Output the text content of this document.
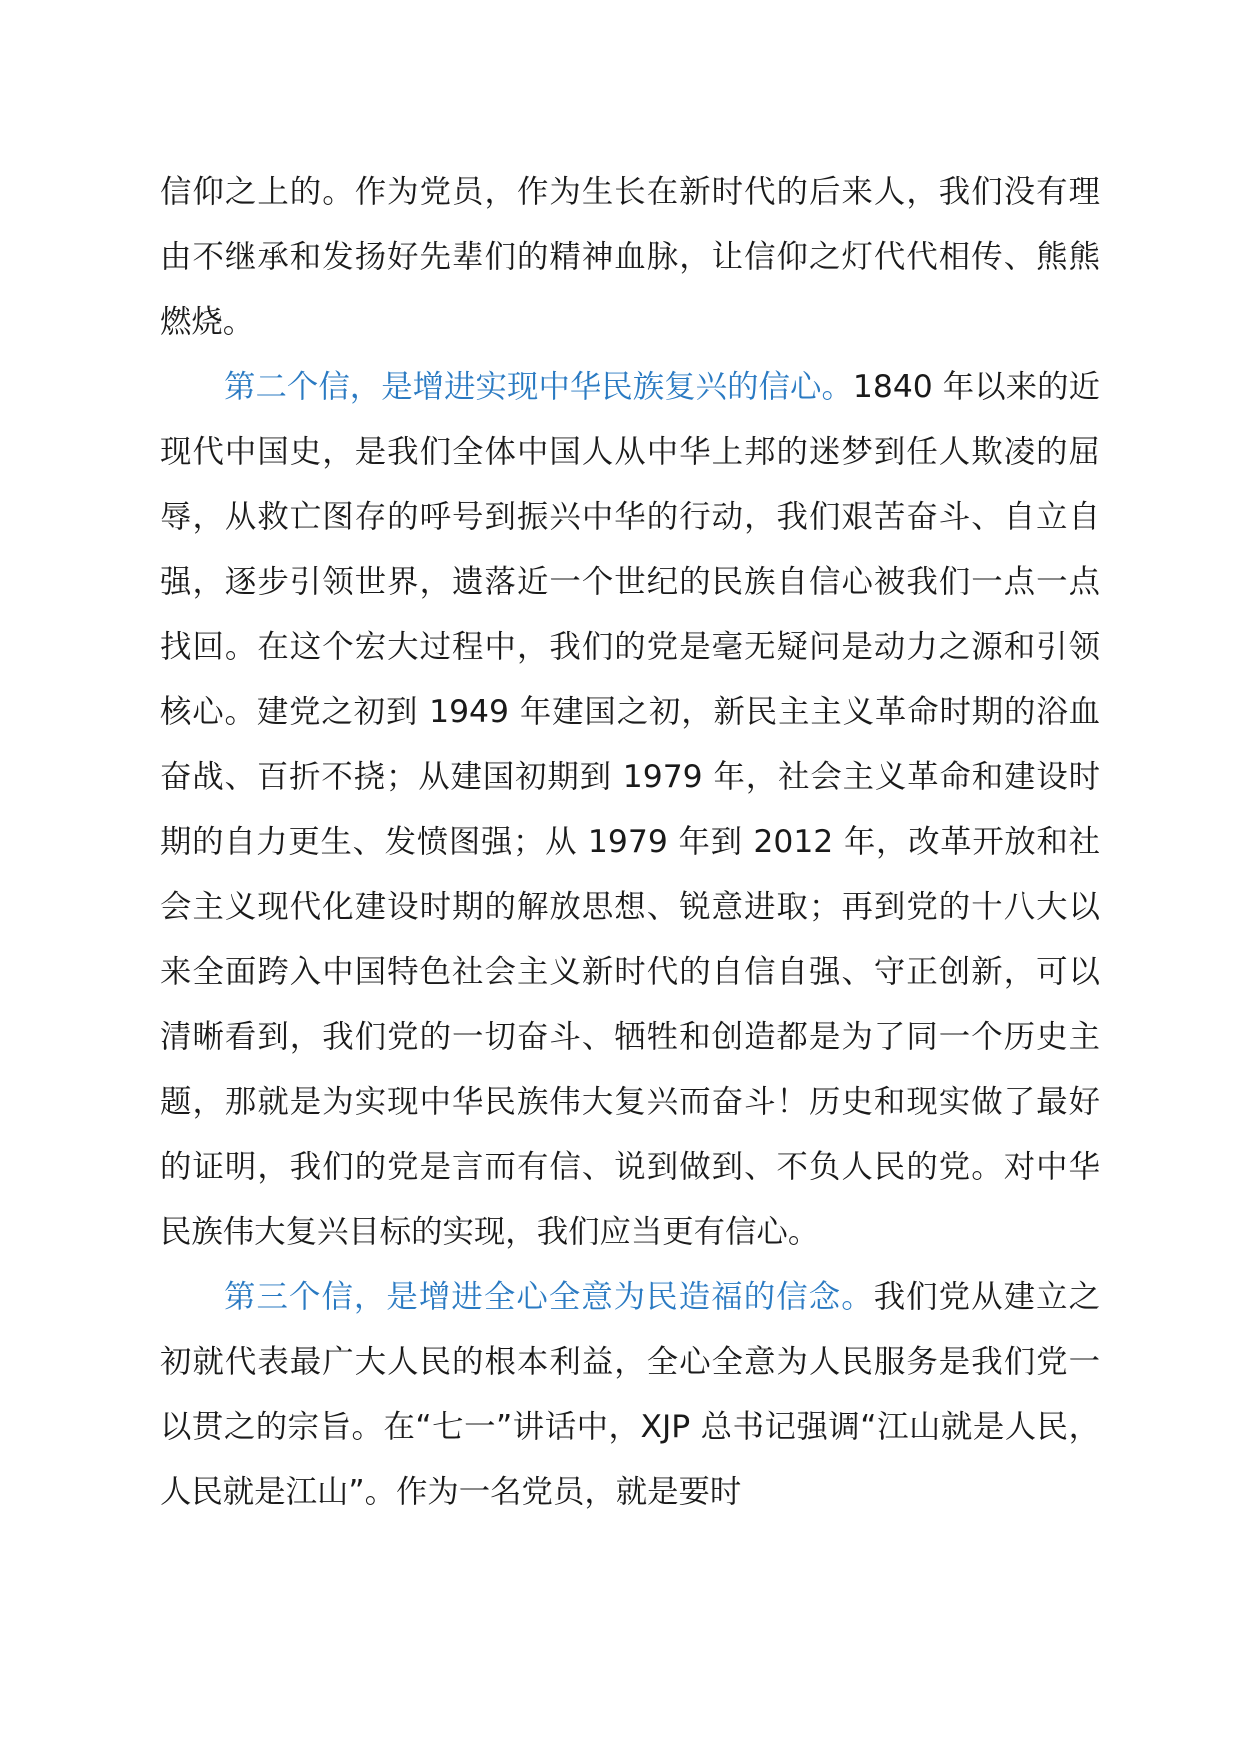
信仰之上的。作为党员，作为生长在新时代的后来人，我们没有理由不继承和发扬好先辈们的精神血脉，让信仰之灯代代相传、熊熊燃烧。

第二个信，是增进实现中华民族复兴的信心。1840 年以来的近现代中国史，是我们全体中国人从中华上邦的迷梦到任人欺凌的屈辱，从救亡图存的呼号到振兴中华的行动，我们艰苦奋斗、自立自强，逐步引领世界，遗落近一个世纪的民族自信心被我们一点一点找回。在这个宏大过程中，我们的党是毫无疑问是动力之源和引领核心。建党之初到 1949 年建国之初，新民主主义革命时期的浴血奋战、百折不挠；从建国初期到 1979 年，社会主义革命和建设时期的自力更生、发愤图强；从 1979 年到 2012 年，改革开放和社会主义现代化建设时期的解放思想、锐意进取；再到党的十八大以来全面跨入中国特色社会主义新时代的自信自强、守正创新，可以清晰看到，我们党的一切奋斗、牺牲和创造都是为了同一个历史主题，那就是为实现中华民族伟大复兴而奋斗！历史和现实做了最好的证明，我们的党是言而有信、说到做到、不负人民的党。对中华民族伟大复兴目标的实现，我们应当更有信心。

第三个信，是增进全心全意为民造福的信念。我们党从建立之初就代表最广大人民的根本利益，全心全意为人民服务是我们党一以贯之的宗旨。在“七一”讲话中，XJP 总书记强调“江山就是人民，人民就是江山”。作为一名党员，就是要时
